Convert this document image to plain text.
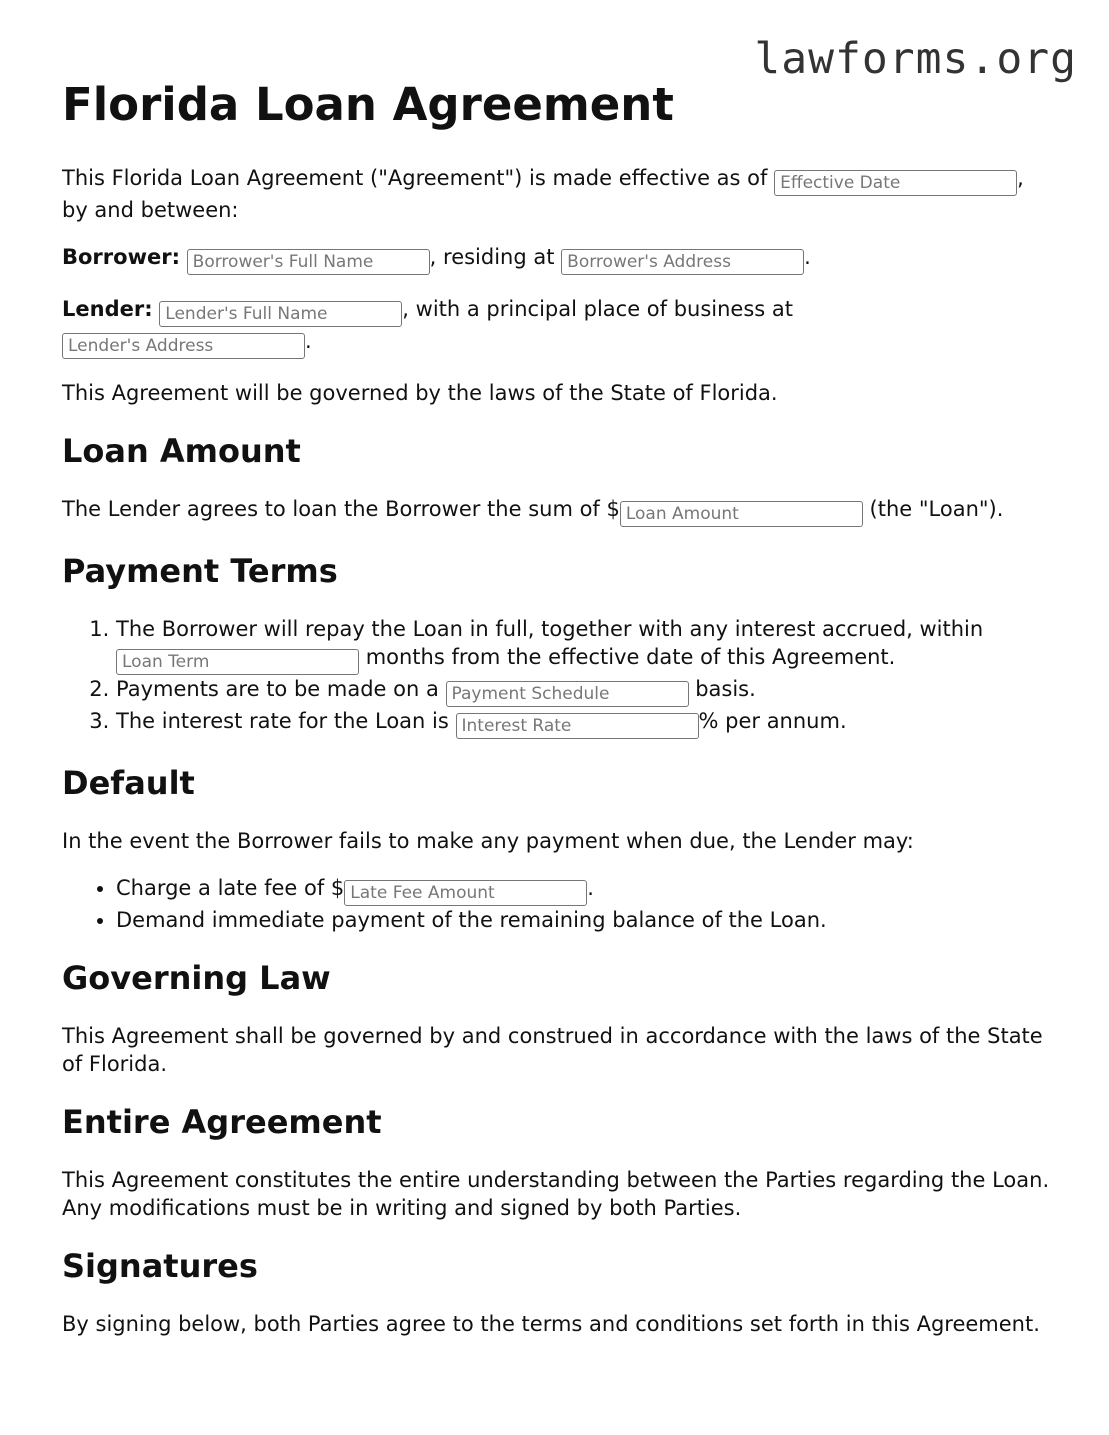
lawforms.org
Florida Loan Agreement

This Florida Loan Agreement ("Agreement") is made effective as of Effective Date	, by and between:

Borrower: Borrower's Full Name	, residing at Borrower's Address	.

Lender: Lender's Full Name	, with a principal place of business at
Lender's Address.

This Agreement will be governed by the laws of the State of Florida.

Loan Amount

The Lender agrees to loan the Borrower the sum of $Loan Amount	(the "Loan").

Payment Terms
1. The Borrower will repay the Loan in full, together with any interest accrued, within
Loan Term months from the effective date of this Agreement.
2. Payments are to be made on a Payment Schedule	basis.
3. The interest rate for the Loan is Interest Rate	% per annum.
Default

In the event the Borrower fails to make any payment when due, the Lender may:

• Charge a late fee of $Late Fee Amount	.
• Demand immediate payment of the remaining balance of the Loan.
Governing Law

This Agreement shall be governed by and construed in accordance with the laws of the State of Florida.

Entire Agreement

This Agreement constitutes the entire understanding between the Parties regarding the Loan. Any modifications must be in writing and signed by both Parties.

Signatures

By signing below, both Parties agree to the terms and conditions set forth in this Agreement.
